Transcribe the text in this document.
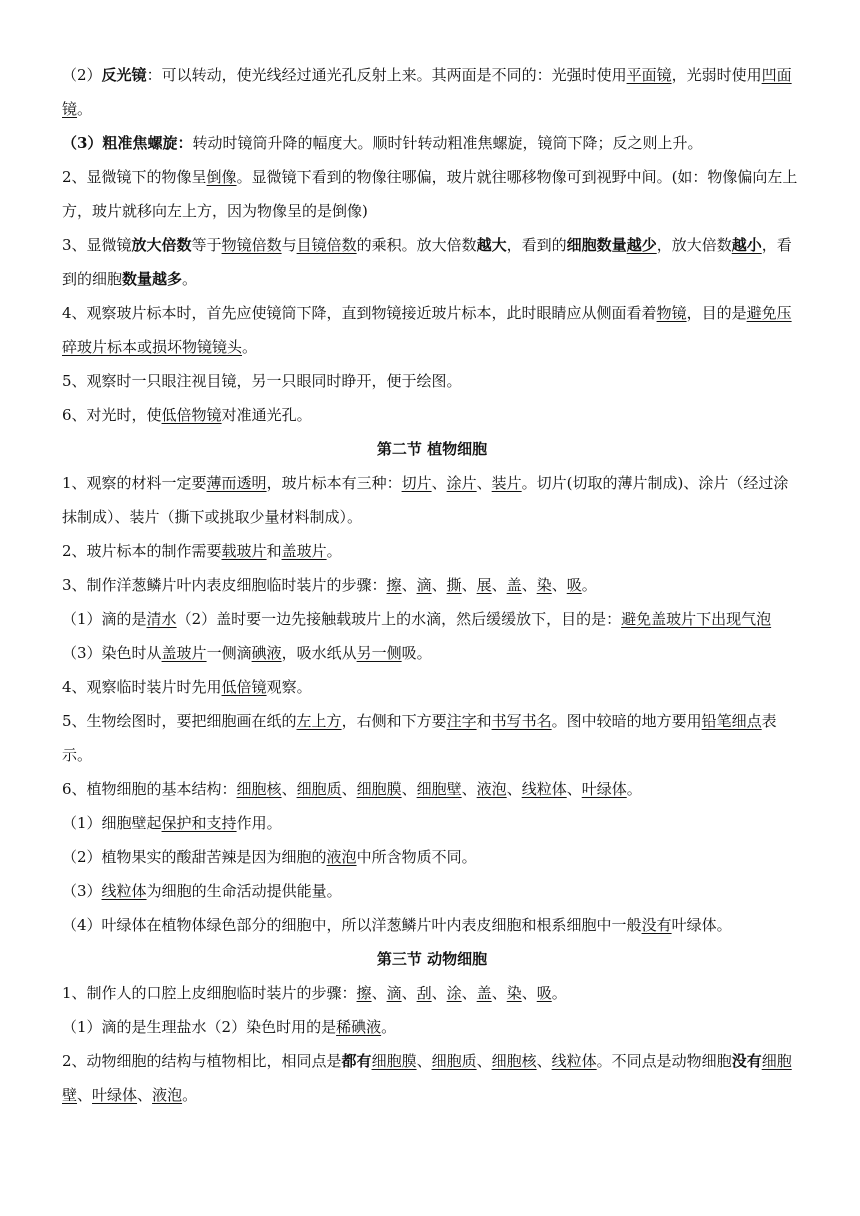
（2）反光镜：可以转动，使光线经过通光孔反射上来。其两面是不同的：光强时使用平面镜，光弱时使用凹面镜。

（3）粗准焦螺旋：转动时镜筒升降的幅度大。顺时针转动粗准焦螺旋，镜筒下降；反之则上升。

2、显微镜下的物像呈倒像。显微镜下看到的物像往哪偏，玻片就往哪移物像可到视野中间。(如：物像偏向左上方，玻片就移向左上方，因为物像呈的是倒像)

3、显微镜放大倍数等于物镜倍数与目镜倍数的乘积。放大倍数越大，看到的细胞数量越少，放大倍数越小，看到的细胞数量越多。

4、观察玻片标本时，首先应使镜筒下降，直到物镜接近玻片标本，此时眼睛应从侧面看着物镜，目的是避免压碎玻片标本或损坏物镜镜头。

5、观察时一只眼注视目镜，另一只眼同时睁开，便于绘图。

6、对光时，使低倍物镜对准通光孔。

第二节 植物细胞

1、观察的材料一定要薄而透明，玻片标本有三种：切片、涂片、装片。切片(切取的薄片制成)、涂片（经过涂抹制成）、装片（撕下或挑取少量材料制成）。

2、玻片标本的制作需要载玻片和盖玻片。

3、制作洋葱鳞片叶内表皮细胞临时装片的步骤：擦、滴、撕、展、盖、染、吸。

（1）滴的是清水（2）盖时要一边先接触载玻片上的水滴，然后缓缓放下，目的是：避免盖玻片下出现气泡（3）染色时从盖玻片一侧滴碘液，吸水纸从另一侧吸。

4、观察临时装片时先用低倍镜观察。

5、生物绘图时，要把细胞画在纸的左上方，右侧和下方要注字和书写书名。图中较暗的地方要用铅笔细点表示。

6、植物细胞的基本结构：细胞核、细胞质、细胞膜、细胞壁、液泡、线粒体、叶绿体。

（1）细胞壁起保护和支持作用。

（2）植物果实的酸甜苦辣是因为细胞的液泡中所含物质不同。

（3）线粒体为细胞的生命活动提供能量。

（4）叶绿体在植物体绿色部分的细胞中，所以洋葱鳞片叶内表皮细胞和根系细胞中一般没有叶绿体。

第三节 动物细胞

1、制作人的口腔上皮细胞临时装片的步骤：擦、滴、刮、涂、盖、染、吸。

（1）滴的是生理盐水（2）染色时用的是稀碘液。

2、动物细胞的结构与植物相比，相同点是都有细胞膜、细胞质、细胞核、线粒体。不同点是动物细胞没有细胞壁、叶绿体、液泡。
